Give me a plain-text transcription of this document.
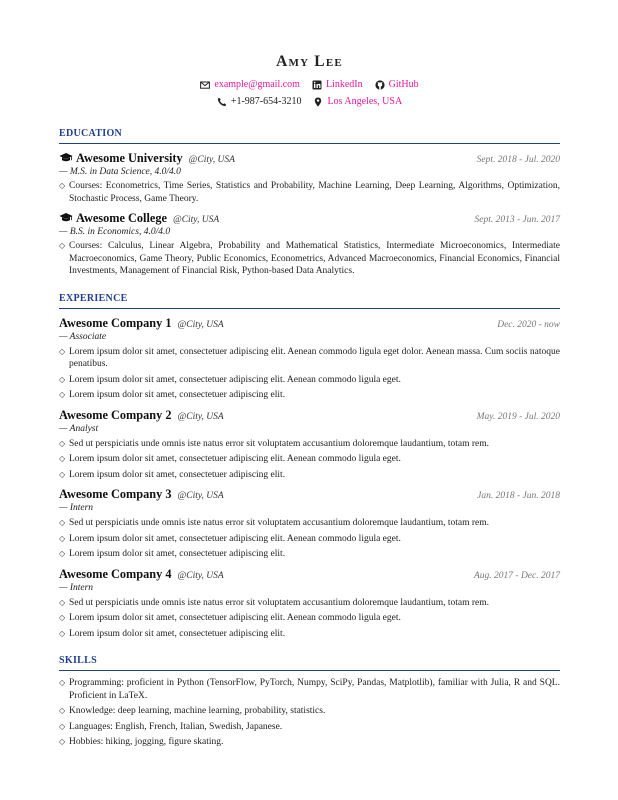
Amy Lee
example@gmail.com	LinkedIn	GitHub
+1-987-654-3210	Los Angeles, USA
EDUCATION
Awesome University @City, USA	Sept. 2018 - Jul. 2020
— M.S. in Data Science, 4.0/4.0
◇ Courses: Econometrics, Time Series, Statistics and Probability, Machine Learning, Deep Learning, Algorithms, Optimization, Stochastic Process, Game Theory.
Awesome College @City, USA	Sept. 2013 - Jun. 2017
— B.S. in Economics, 4.0/4.0
◇ Courses: Calculus, Linear Algebra, Probability and Mathematical Statistics, Intermediate Microeconomics, Intermediate Macroeconomics, Game Theory, Public Economics, Econometrics, Advanced Macroeconomics, Financial Economics, Financial Investments, Management of Financial Risk, Python-based Data Analytics.
EXPERIENCE
Awesome Company 1 @City, USA	Dec. 2020 - now
— Associate
◇ Lorem ipsum dolor sit amet, consectetuer adipiscing elit. Aenean commodo ligula eget dolor. Aenean massa. Cum sociis natoque penatibus.
◇ Lorem ipsum dolor sit amet, consectetuer adipiscing elit. Aenean commodo ligula eget.
◇ Lorem ipsum dolor sit amet, consectetuer adipiscing elit.
Awesome Company 2 @City, USA	May. 2019 - Jul. 2020
— Analyst
◇ Sed ut perspiciatis unde omnis iste natus error sit voluptatem accusantium doloremque laudantium, totam rem.
◇ Lorem ipsum dolor sit amet, consectetuer adipiscing elit. Aenean commodo ligula eget.
◇ Lorem ipsum dolor sit amet, consectetuer adipiscing elit.
Awesome Company 3 @City, USA	Jan. 2018 - Jun. 2018
— Intern
◇ Sed ut perspiciatis unde omnis iste natus error sit voluptatem accusantium doloremque laudantium, totam rem.
◇ Lorem ipsum dolor sit amet, consectetuer adipiscing elit. Aenean commodo ligula eget.
◇ Lorem ipsum dolor sit amet, consectetuer adipiscing elit.
Awesome Company 4 @City, USA	Aug. 2017 - Dec. 2017
— Intern
◇ Sed ut perspiciatis unde omnis iste natus error sit voluptatem accusantium doloremque laudantium, totam rem.
◇ Lorem ipsum dolor sit amet, consectetuer adipiscing elit. Aenean commodo ligula eget.
◇ Lorem ipsum dolor sit amet, consectetuer adipiscing elit.
SKILLS
◇ Programming: proficient in Python (TensorFlow, PyTorch, Numpy, SciPy, Pandas, Matplotlib), familiar with Julia, R and SQL. Proficient in LaTeX.
◇ Knowledge: deep learning, machine learning, probability, statistics.
◇ Languages: English, French, Italian, Swedish, Japanese.
◇ Hobbies: hiking, jogging, figure skating.
